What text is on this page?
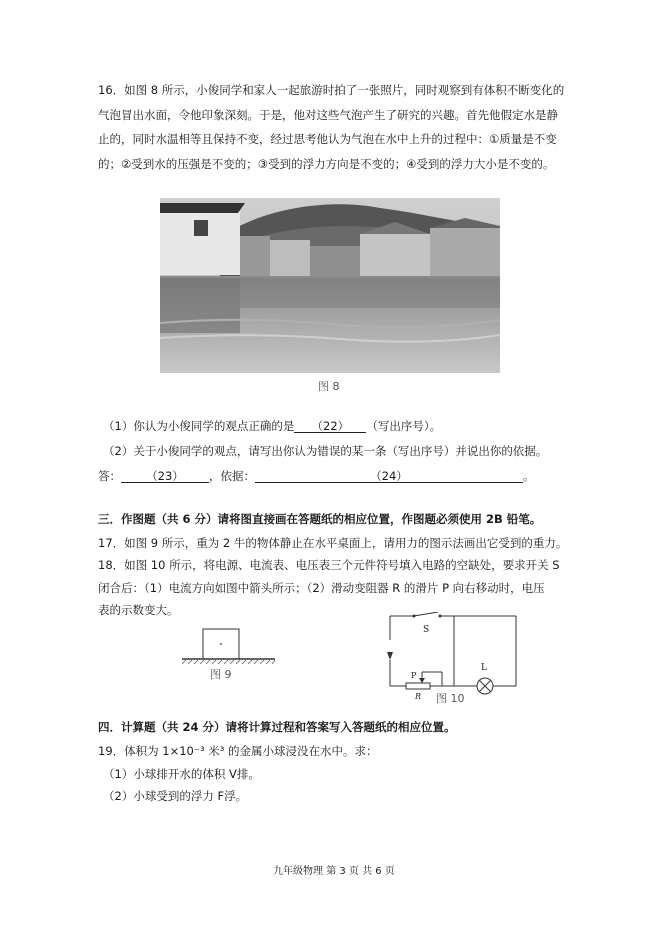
16．如图 8 所示，小俊同学和家人一起旅游时拍了一张照片，同时观察到有体积不断变化的
气泡冒出水面，令他印象深刻。于是，他对这些气泡产生了研究的兴趣。首先他假定水是静
止的，同时水温相等且保持不变，经过思考他认为气泡在水中上升的过程中：①质量是不变
的；②受到水的压强是不变的；③受到的浮力方向是不变的；④受到的浮力大小是不变的。
图 8
（1）你认为小俊同学的观点正确的是 （22） （写出序号）。
（2）关于小俊同学的观点，请写出你认为错误的某一条（写出序号）并说出你的依据。
答： （23） ，依据：	（24）	。
三．作图题（共 6 分）请将图直接画在答题纸的相应位置，作图题必须使用 2B 铅笔。
17．如图 9 所示，重为 2 牛的物体静止在水平桌面上，请用力的图示法画出它受到的重力。
18．如图 10 所示，将电源、电流表、电压表三个元件符号填入电路的空缺处，要求开关 S
闭合后：（1）电流方向如图中箭头所示；（2）滑动变阻器 R 的滑片 P 向右移动时，电压
表的示数变大。
图 9
S
P
R
L
图 10
四．计算题（共 24 分）请将计算过程和答案写入答题纸的相应位置。
19．体积为 1×10⁻³ 米³ 的金属小球浸没在水中。求：
（1）小球排开水的体积 V排。
（2）小球受到的浮力 F浮。
九年级物理 第 3 页 共 6 页
